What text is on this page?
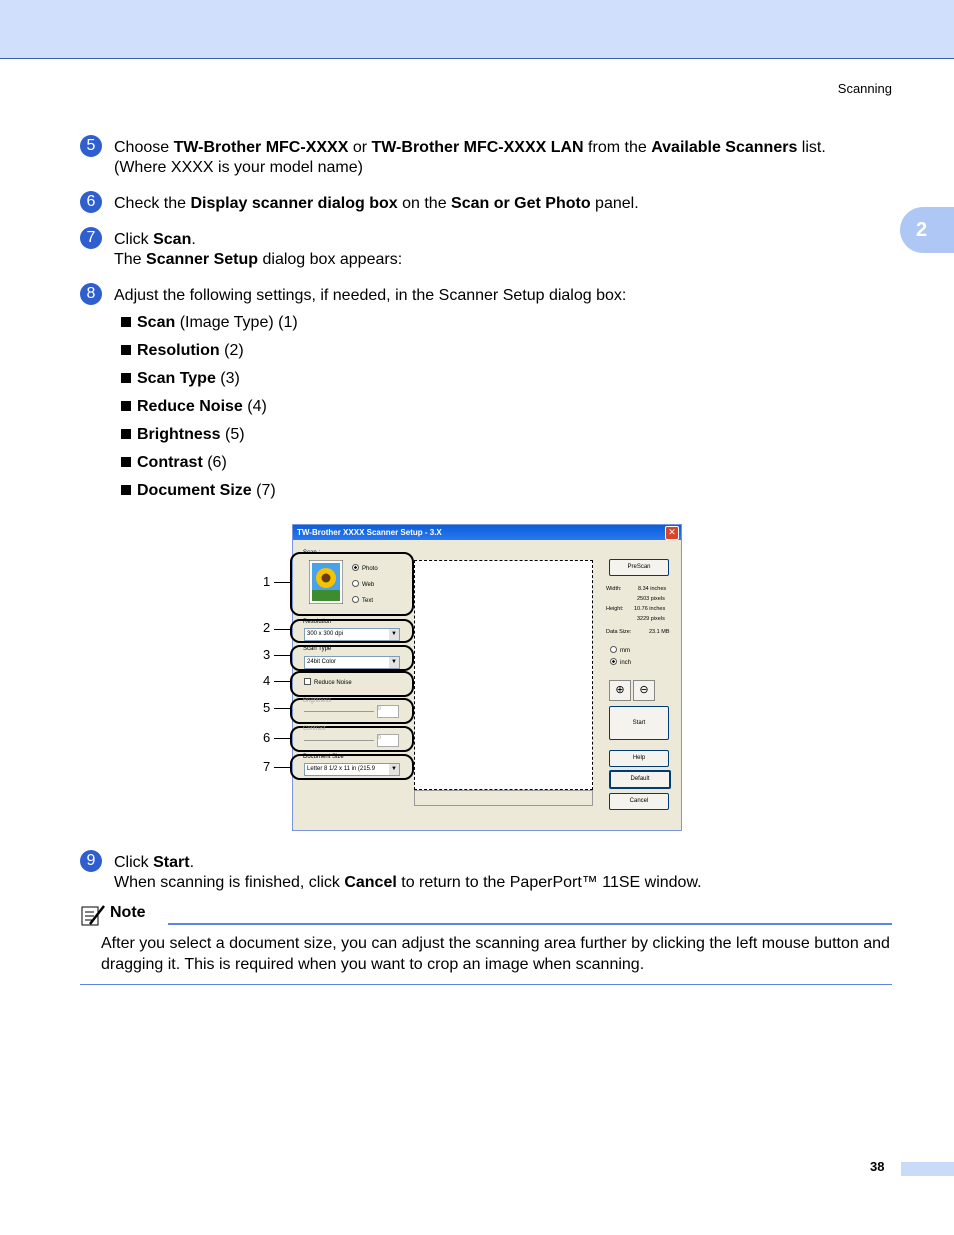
Scanning
2
5	Choose TW-Brother MFC-XXXX or TW-Brother MFC-XXXX LAN from the Available Scanners list.
(Where XXXX is your model name)
6	Check the Display scanner dialog box on the Scan or Get Photo panel.
7	Click Scan.
The Scanner Setup dialog box appears:
8	Adjust the following settings, if needed, in the Scanner Setup dialog box:
Scan (Image Type) (1)
Resolution (2)
Scan Type (3)
Reduce Noise (4)
Brightness (5)
Contrast (6)
Document Size (7)
TW-Brother XXXX Scanner Setup - 3.X	✕
1
2
3
4
5
6
7
Scan :
Photo
Web
Text
Resolution
300 x 300 dpi	▼
Scan Type
24bit Color	▼
Reduce Noise
Brightness
0
Contrast
0
Document Size
Letter 8 1/2 x 11 in (215.9	▼
PreScan
Width:	8.34 inches
2503 pixels
Height: 10.76 inches
3229 pixels
Data Size:	23.1 MB
mm
inch
⊕	⊖
Start
Help
Default
Cancel
9	Click Start.
When scanning is finished, click Cancel to return to the PaperPort™ 11SE window.
Note
After you select a document size, you can adjust the scanning area further by clicking the left mouse button and dragging it. This is required when you want to crop an image when scanning.
38
